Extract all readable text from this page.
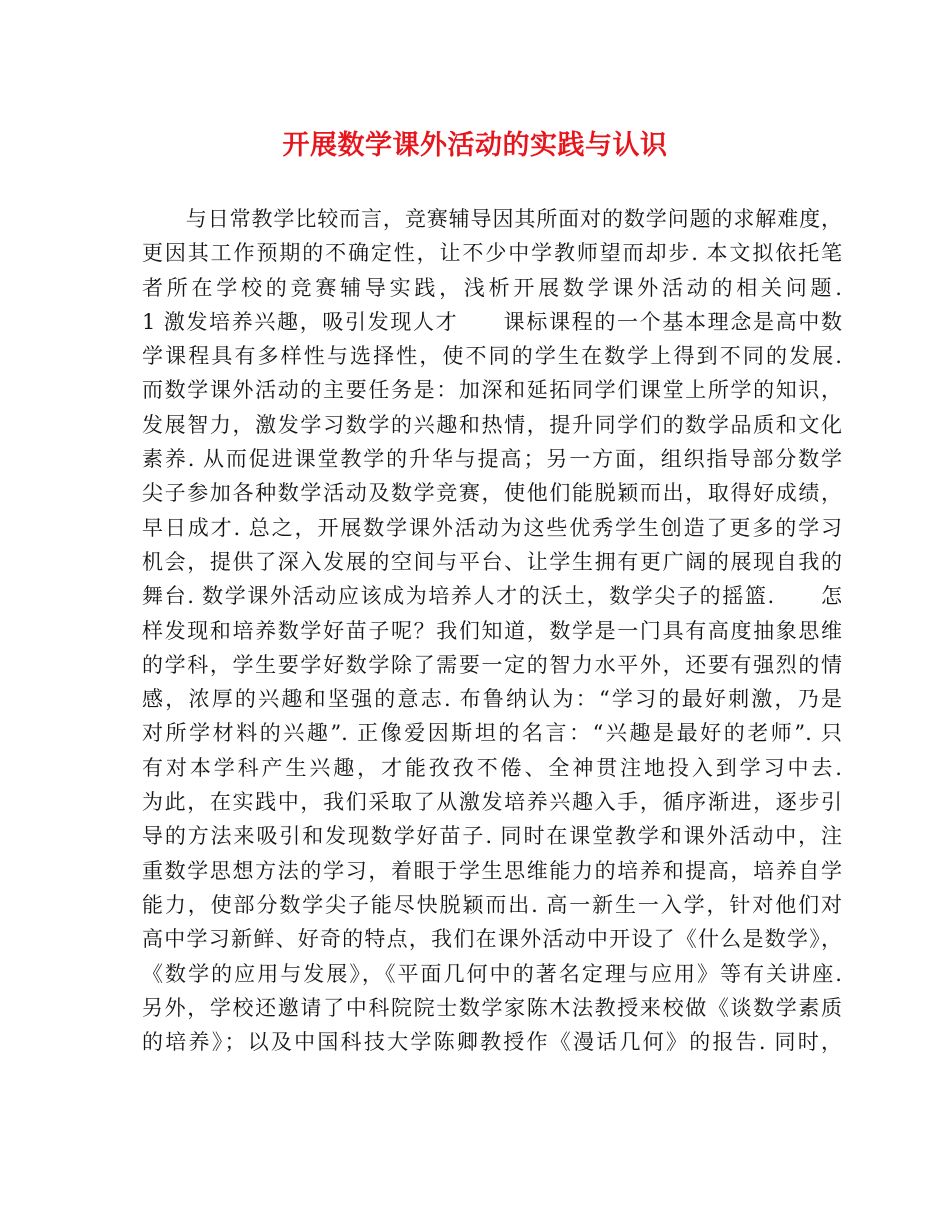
开展数学课外活动的实践与认识
　　与日常教学比较而言，竞赛辅导因其所面对的数学问题的求解难度，
更因其工作预期的不确定性，让不少中学教师望而却步. 本文拟依托笔
者所在学校的竞赛辅导实践，浅析开展数学课外活动的相关问题.
1 激发培养兴趣，吸引发现人才　　课标课程的一个基本理念是高中数
学课程具有多样性与选择性，使不同的学生在数学上得到不同的发展.
而数学课外活动的主要任务是：加深和延拓同学们课堂上所学的知识，
发展智力，激发学习数学的兴趣和热情，提升同学们的数学品质和文化
素养. 从而促进课堂教学的升华与提高；另一方面，组织指导部分数学
尖子参加各种数学活动及数学竞赛，使他们能脱颖而出，取得好成绩，
早日成才. 总之，开展数学课外活动为这些优秀学生创造了更多的学习
机会，提供了深入发展的空间与平台、让学生拥有更广阔的展现自我的
舞台. 数学课外活动应该成为培养人才的沃土，数学尖子的摇篮.　　怎
样发现和培养数学好苗子呢？我们知道，数学是一门具有高度抽象思维
的学科，学生要学好数学除了需要一定的智力水平外，还要有强烈的情
感，浓厚的兴趣和坚强的意志. 布鲁纳认为：“学习的最好刺激，乃是
对所学材料的兴趣”. 正像爱因斯坦的名言：“兴趣是最好的老师”. 只
有对本学科产生兴趣，才能孜孜不倦、全神贯注地投入到学习中去.
为此，在实践中，我们采取了从激发培养兴趣入手，循序渐进，逐步引
导的方法来吸引和发现数学好苗子. 同时在课堂教学和课外活动中，注
重数学思想方法的学习，着眼于学生思维能力的培养和提高，培养自学
能力，使部分数学尖子能尽快脱颖而出. 高一新生一入学，针对他们对
高中学习新鲜、好奇的特点，我们在课外活动中开设了《什么是数学》，
《数学的应用与发展》，《平面几何中的著名定理与应用》等有关讲座.
另外，学校还邀请了中科院院士数学家陈木法教授来校做《谈数学素质
的培养》；以及中国科技大学陈卿教授作《漫话几何》的报告. 同时，
